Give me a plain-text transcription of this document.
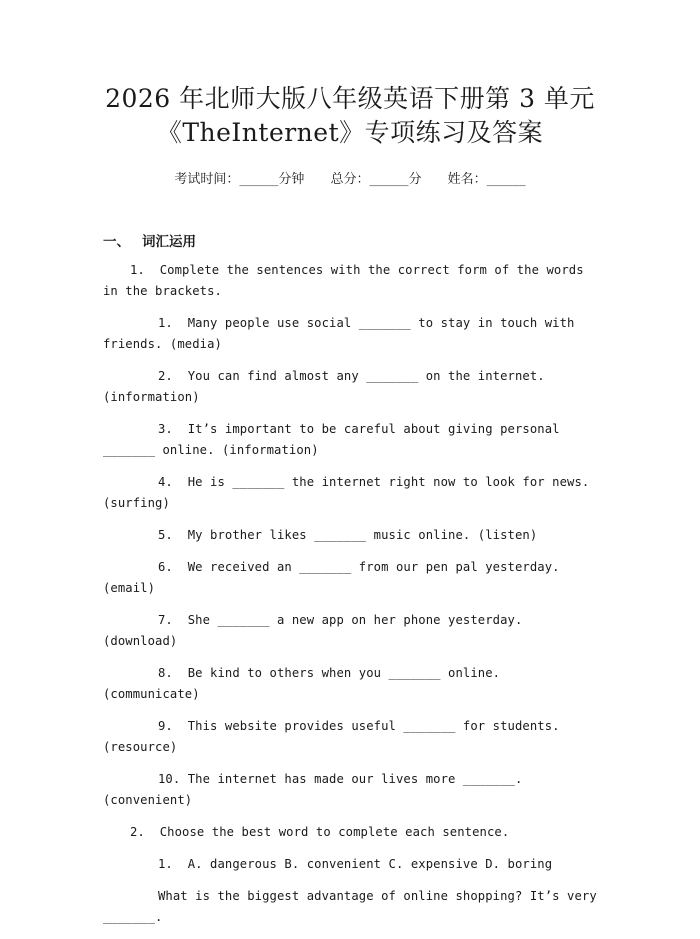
2026 年北师大版八年级英语下册第 3 单元
《TheInternet》专项练习及答案
考试时间：______分钟 总分：______分 姓名：______
一、 词汇运用
1. Complete the sentences with the correct form of the words in the brackets.
1. Many people use social _______ to stay in touch with friends. (media)
2. You can find almost any _______ on the internet. (information)
3. It’s important to be careful about giving personal _______ online. (information)
4. He is _______ the internet right now to look for news. (surfing)
5. My brother likes _______ music online. (listen)
6. We received an _______ from our pen pal yesterday. (email)
7. She _______ a new app on her phone yesterday. (download)
8. Be kind to others when you _______ online. (communicate)
9. This website provides useful _______ for students. (resource)
10. The internet has made our lives more _______. (convenient)
2. Choose the best word to complete each sentence.
1. A. dangerous B. convenient C. expensive D. boring
What is the biggest advantage of online shopping? It’s very _______.
